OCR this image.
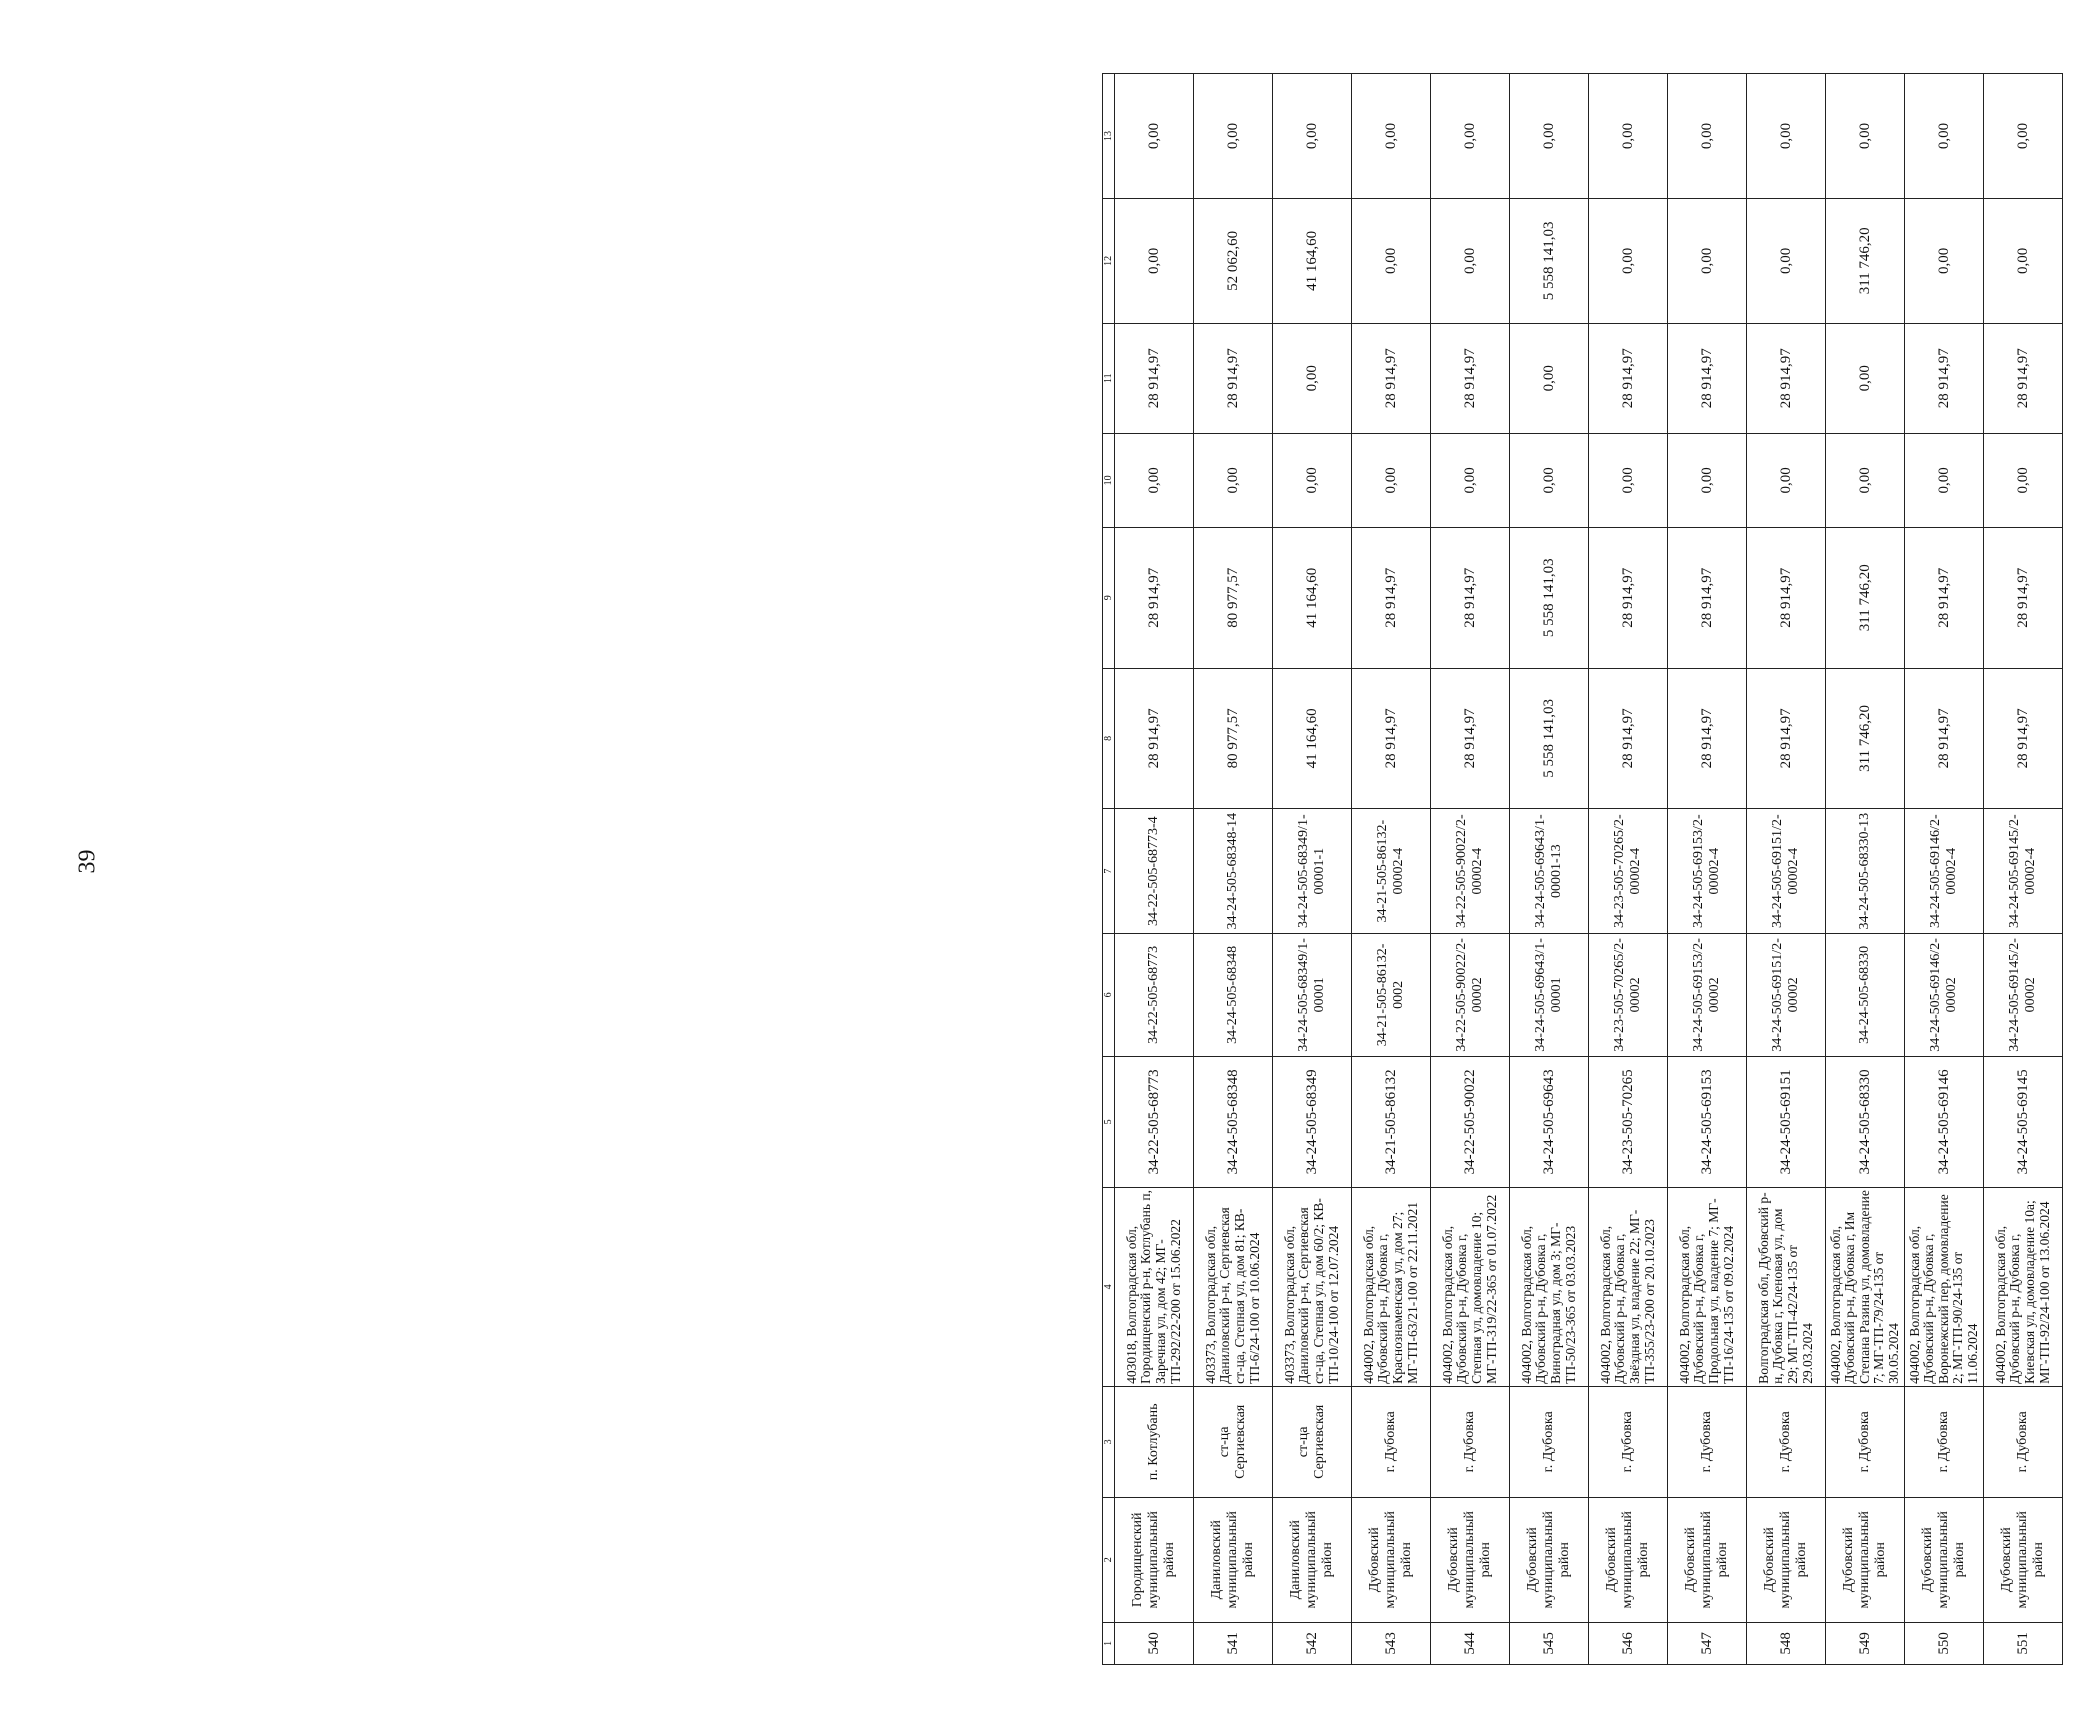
39
1	2	3	4	5	6	7	8	9	10	11	12	13
540	Городищенский муниципальный район	п. Котлубань	403018, Волгоградская обл, Городищенский р-н, Котлубань п, Заречная ул, дом 42; МГ-ТП-292/22-200 от 15.06.2022	34-22-505-68773	34-22-505-68773	34-22-505-68773-4	28 914,97	28 914,97	0,00	28 914,97	0,00	0,00
541	Даниловский муниципальный район	ст-ца Сергиевская	403373, Волгоградская обл, Даниловский р-н, Сергиевская ст-ца, Степная ул, дом 81; КВ-ТП-6/24-100 от 10.06.2024	34-24-505-68348	34-24-505-68348	34-24-505-68348-14	80 977,57	80 977,57	0,00	28 914,97	52 062,60	0,00
542	Даниловский муниципальный район	ст-ца Сергиевская	403373, Волгоградская обл, Даниловский р-н, Сергиевская ст-ца, Степная ул, дом 60/2; КВ-ТП-10/24-100 от 12.07.2024	34-24-505-68349	34-24-505-68349/1-00001	34-24-505-68349/1-00001-1	41 164,60	41 164,60	0,00	0,00	41 164,60	0,00
543	Дубовский муниципальный район	г. Дубовка	404002, Волгоградская обл, Дубовский р-н, Дубовка г, Краснознаменская ул, дом 27; МГ-ТП-63/21-100 от 22.11.2021	34-21-505-86132	34-21-505-86132-0002	34-21-505-86132-00002-4	28 914,97	28 914,97	0,00	28 914,97	0,00	0,00
544	Дубовский муниципальный район	г. Дубовка	404002, Волгоградская обл, Дубовский р-н, Дубовка г, Степная ул, домовладение 10; МГ-ТП-319/22-365 от 01.07.2022	34-22-505-90022	34-22-505-90022/2-00002	34-22-505-90022/2-00002-4	28 914,97	28 914,97	0,00	28 914,97	0,00	0,00
545	Дубовский муниципальный район	г. Дубовка	404002, Волгоградская обл, Дубовский р-н, Дубовка г, Виноградная ул, дом 3; МГ-ТП-50/23-365 от 03.03.2023	34-24-505-69643	34-24-505-69643/1-00001	34-24-505-69643/1-00001-13	5 558 141,03	5 558 141,03	0,00	0,00	5 558 141,03	0,00
546	Дубовский муниципальный район	г. Дубовка	404002, Волгоградская обл, Дубовский р-н, Дубовка г, Звёздная ул, владение 22; МГ-ТП-355/23-200 от 20.10.2023	34-23-505-70265	34-23-505-70265/2-00002	34-23-505-70265/2-00002-4	28 914,97	28 914,97	0,00	28 914,97	0,00	0,00
547	Дубовский муниципальный район	г. Дубовка	404002, Волгоградская обл, Дубовский р-н, Дубовка г, Продольная ул, владение 7; МГ-ТП-16/24-135 от 09.02.2024	34-24-505-69153	34-24-505-69153/2-00002	34-24-505-69153/2-00002-4	28 914,97	28 914,97	0,00	28 914,97	0,00	0,00
548	Дубовский муниципальный район	г. Дубовка	Волгоградская обл, Дубовский р-н, Дубовка г, Кленовая ул, дом 29; МГ-ТП-42/24-135 от 29.03.2024	34-24-505-69151	34-24-505-69151/2-00002	34-24-505-69151/2-00002-4	28 914,97	28 914,97	0,00	28 914,97	0,00	0,00
549	Дубовский муниципальный район	г. Дубовка	404002, Волгоградская обл, Дубовский р-н, Дубовка г, Им Степана Разина ул, домовладение 7; МГ-ТП-79/24-135 от 30.05.2024	34-24-505-68330	34-24-505-68330	34-24-505-68330-13	311 746,20	311 746,20	0,00	0,00	311 746,20	0,00
550	Дубовский муниципальный район	г. Дубовка	404002, Волгоградская обл, Дубовский р-н, Дубовка г, Воронежский пер, домовладение 2; МГ-ТП-90/24-135 от 11.06.2024	34-24-505-69146	34-24-505-69146/2-00002	34-24-505-69146/2-00002-4	28 914,97	28 914,97	0,00	28 914,97	0,00	0,00
551	Дубовский муниципальный район	г. Дубовка	404002, Волгоградская обл, Дубовский р-н, Дубовка г, Киевская ул, домовладение 10а; МГ-ТП-92/24-100 от 13.06.2024	34-24-505-69145	34-24-505-69145/2-00002	34-24-505-69145/2-00002-4	28 914,97	28 914,97	0,00	28 914,97	0,00	0,00
